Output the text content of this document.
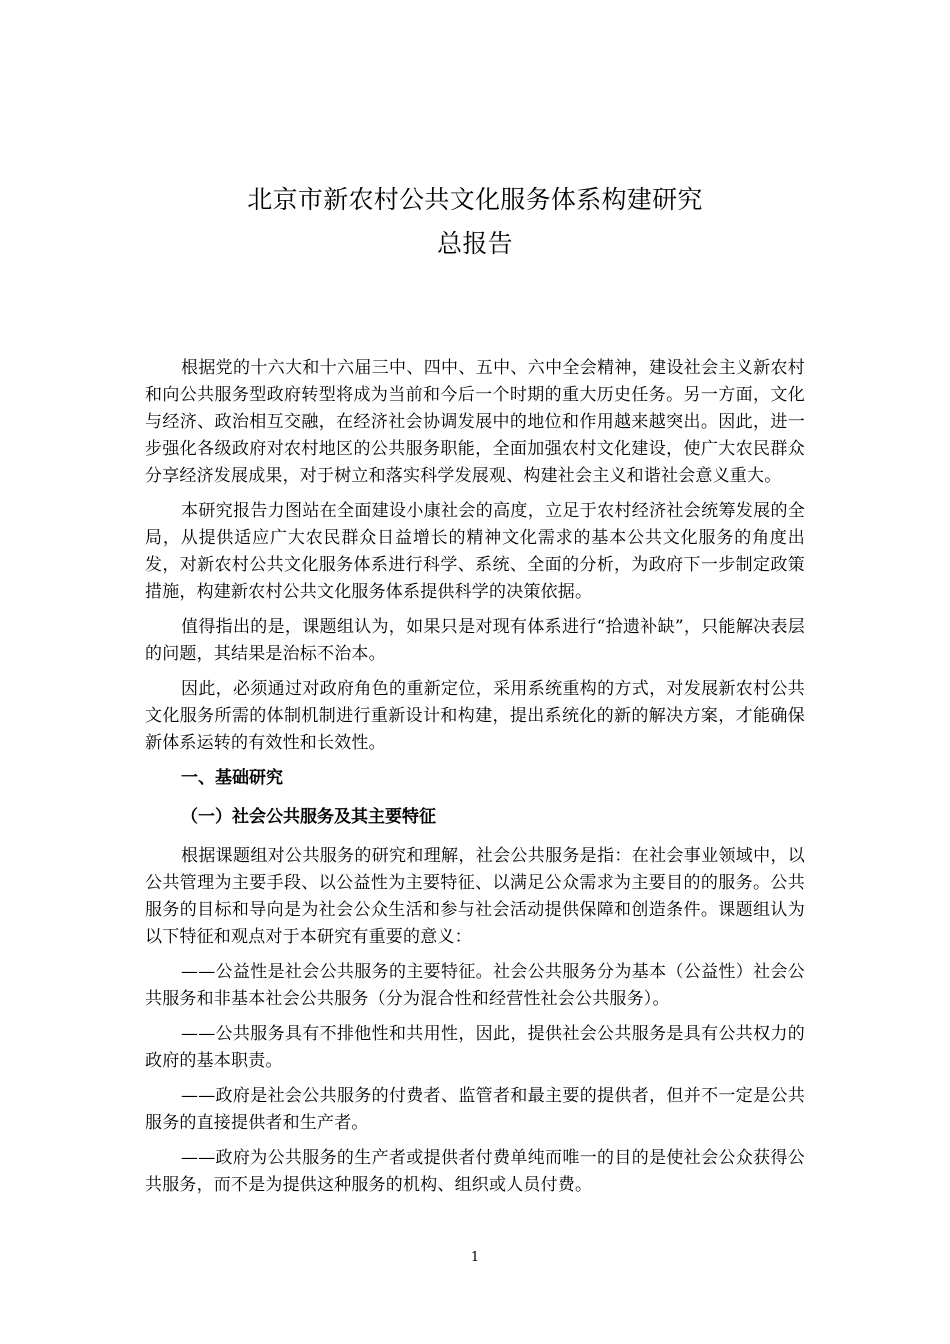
北京市新农村公共文化服务体系构建研究
总报告

根据党的十六大和十六届三中、四中、五中、六中全会精神，建设社会主义新农村和向公共服务型政府转型将成为当前和今后一个时期的重大历史任务。另一方面，文化与经济、政治相互交融，在经济社会协调发展中的地位和作用越来越突出。因此，进一步强化各级政府对农村地区的公共服务职能，全面加强农村文化建设，使广大农民群众分享经济发展成果，对于树立和落实科学发展观、构建社会主义和谐社会意义重大。

本研究报告力图站在全面建设小康社会的高度，立足于农村经济社会统筹发展的全局，从提供适应广大农民群众日益增长的精神文化需求的基本公共文化服务的角度出发，对新农村公共文化服务体系进行科学、系统、全面的分析，为政府下一步制定政策措施，构建新农村公共文化服务体系提供科学的决策依据。

值得指出的是，课题组认为，如果只是对现有体系进行“拾遗补缺”，只能解决表层的问题，其结果是治标不治本。

因此，必须通过对政府角色的重新定位，采用系统重构的方式，对发展新农村公共文化服务所需的体制机制进行重新设计和构建，提出系统化的新的解决方案，才能确保新体系运转的有效性和长效性。

一、基础研究

（一）社会公共服务及其主要特征

根据课题组对公共服务的研究和理解，社会公共服务是指：在社会事业领域中，以公共管理为主要手段、以公益性为主要特征、以满足公众需求为主要目的的服务。公共服务的目标和导向是为社会公众生活和参与社会活动提供保障和创造条件。课题组认为以下特征和观点对于本研究有重要的意义：

——公益性是社会公共服务的主要特征。社会公共服务分为基本（公益性）社会公共服务和非基本社会公共服务（分为混合性和经营性社会公共服务）。

——公共服务具有不排他性和共用性，因此，提供社会公共服务是具有公共权力的政府的基本职责。

——政府是社会公共服务的付费者、监管者和最主要的提供者，但并不一定是公共服务的直接提供者和生产者。

——政府为公共服务的生产者或提供者付费单纯而唯一的目的是使社会公众获得公共服务，而不是为提供这种服务的机构、组织或人员付费。

1
